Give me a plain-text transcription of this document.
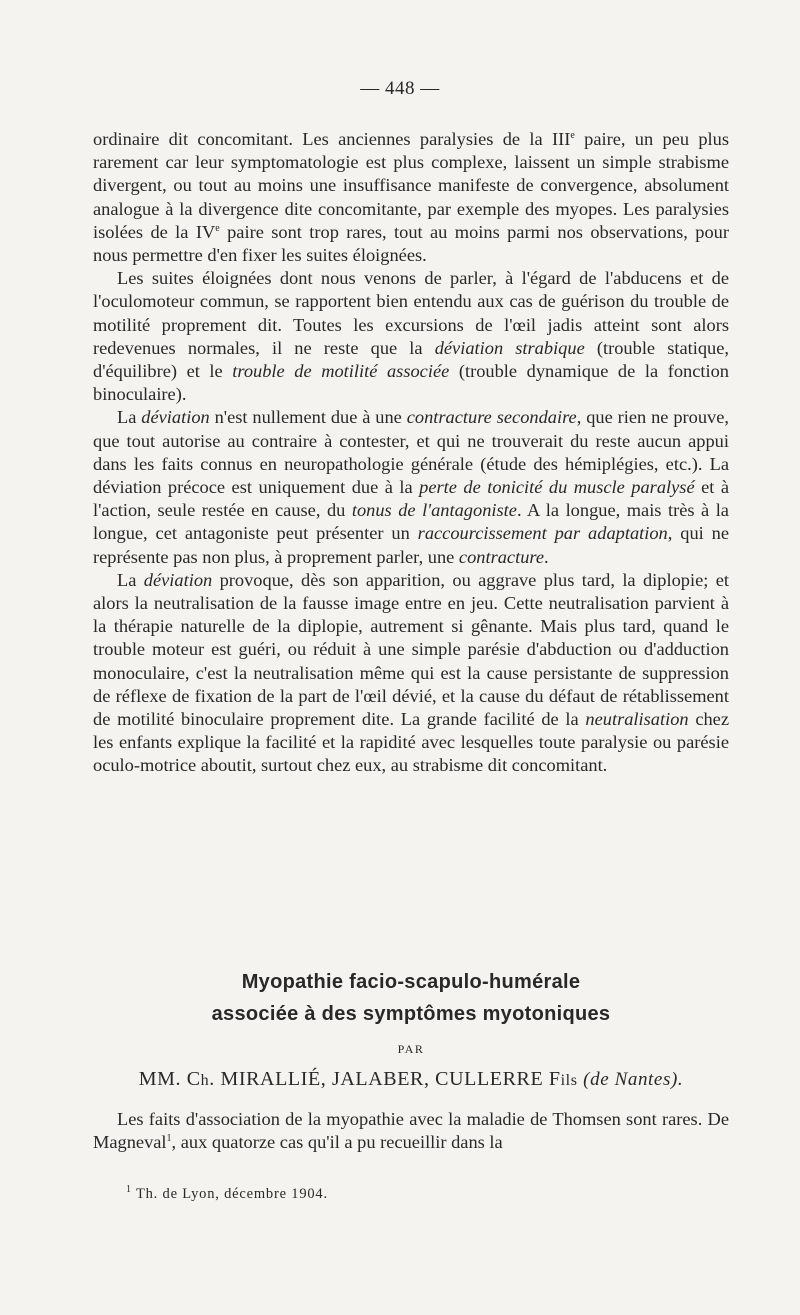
— 448 —

ordinaire dit concomitant. Les anciennes paralysies de la IIIe paire, un peu plus rarement car leur symptomatologie est plus complexe, laissent un simple strabisme divergent, ou tout au moins une insuffisance manifeste de convergence, absolument analogue à la divergence dite concomitante, par exemple des myopes. Les paralysies isolées de la IVe paire sont trop rares, tout au moins parmi nos observations, pour nous permettre d'en fixer les suites éloignées.

Les suites éloignées dont nous venons de parler, à l'égard de l'abducens et de l'oculomoteur commun, se rapportent bien entendu aux cas de guérison du trouble de motilité proprement dit. Toutes les excursions de l'œil jadis atteint sont alors redevenues normales, il ne reste que la déviation strabique (trouble statique, d'équilibre) et le trouble de motilité associée (trouble dynamique de la fonction binoculaire).

La déviation n'est nullement due à une contracture secondaire, que rien ne prouve, que tout autorise au contraire à contester, et qui ne trouverait du reste aucun appui dans les faits connus en neuropathologie générale (étude des hémiplégies, etc.). La déviation précoce est uniquement due à la perte de tonicité du muscle paralysé et à l'action, seule restée en cause, du tonus de l'antagoniste. A la longue, mais très à la longue, cet antagoniste peut présenter un raccourcissement par adaptation, qui ne représente pas non plus, à proprement parler, une contracture.

La déviation provoque, dès son apparition, ou aggrave plus tard, la diplopie; et alors la neutralisation de la fausse image entre en jeu. Cette neutralisation parvient à la thérapie naturelle de la diplopie, autrement si gênante. Mais plus tard, quand le trouble moteur est guéri, ou réduit à une simple parésie d'abduction ou d'adduction monoculaire, c'est la neutralisation même qui est la cause persistante de suppression de réflexe de fixation de la part de l'œil dévié, et la cause du défaut de rétablissement de motilité binoculaire proprement dite. La grande facilité de la neutralisation chez les enfants explique la facilité et la rapidité avec lesquelles toute paralysie ou parésie oculo-motrice aboutit, surtout chez eux, au strabisme dit concomitant.

Myopathie facio-scapulo-humérale
associée à des symptômes myotoniques
PAR
MM. Ch. MIRALLIÉ, JALABER, CULLERRE Fils (de Nantes).

Les faits d'association de la myopathie avec la maladie de Thomsen sont rares. De Magneval$^1$, aux quatorze cas qu'il a pu recueillir dans la

$^1$ Th. de Lyon, décembre 1904.
